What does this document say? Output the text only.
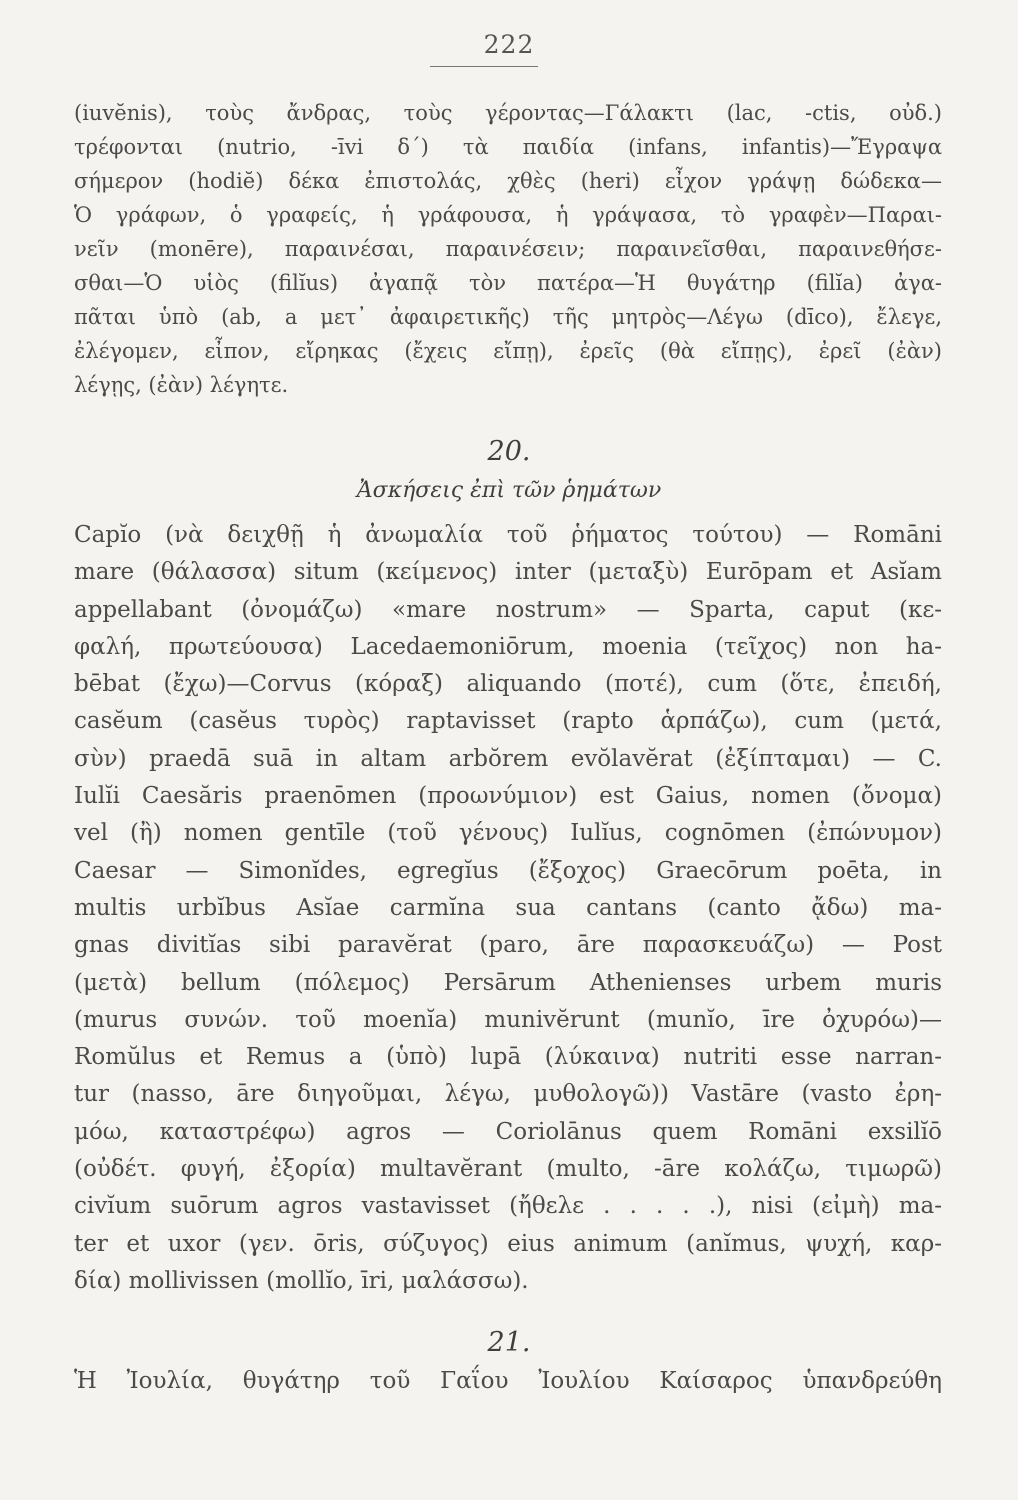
222
(iuvĕnis), τοὺς ἄνδρας, τοὺς γέροντας—Γάλακτι (lac, -ctis, οὐδ.)
τρέφονται (nutrio, -īvi δ΄) τὰ παιδία (infans, infantis)—Ἔγραψα
σήμερον (hodiĕ) δέκα ἐπιστολάς, χθὲς (heri) εἶχον γράψῃ δώδεκα—
Ὁ γράφων, ὁ γραφείς, ἡ γράφουσα, ἡ γράψασα, τὸ γραφὲν—Παραι-
νεῖν (monēre), παραινέσαι, παραινέσειν; παραινεῖσθαι, παραινεθήσε-
σθαι—Ὁ υἱὸς (filĭus) ἀγαπᾷ τὸν πατέρα—Ἡ θυγάτηρ (filĭa) ἀγα-
πᾶται ὑπὸ (ab, a μετ᾽ ἀφαιρετικῆς) τῆς μητρὸς—Λέγω (dīco), ἔλεγε,
ἐλέγομεν, εἶπον, εἴρηκας (ἔχεις εἴπῃ), ἐρεῖς (θὰ εἴπῃς), ἐρεῖ (ἐὰν)
λέγῃς, (ἐὰν) λέγητε.
20.
Ἀσκήσεις ἐπὶ τῶν ῥημάτων
Capĭo (νὰ δειχθῇ ἡ ἀνωμαλία τοῦ ῥήματος τούτου) — Romāni
mare (θάλασσα) situm (κείμενος) inter (μεταξὺ) Eurōpam et Asĭam
appellabant (ὀνομάζω) «mare nostrum» — Sparta, caput (κε-
φαλή, πρωτεύουσα) Lacedaemoniōrum, moenia (τεῖχος) non ha-
bēbat (ἔχω)—Corvus (κόραξ) aliquando (ποτέ), cum (ὅτε, ἐπειδή,
casĕum (casĕus τυρὸς) raptavisset (rapto ἁρπάζω), cum (μετά,
σὺν) praedā suā in altam arbŏrem evŏlavĕrat (ἐξίπταμαι) — C.
Iulĭi Caesăris praenōmen (προωνύμιον) est Gaius, nomen (ὄνομα)
vel (ἢ) nomen gentīle (τοῦ γένους) Iulĭus, cognōmen (ἐπώνυμον)
Caesar — Simonĭdes, egregĭus (ἔξοχος) Graecōrum poēta, in
multis urbĭbus Asĭae carmĭna sua cantans (canto ᾄδω) ma-
gnas divitĭas sibi paravĕrat (paro, āre παρασκευάζω) — Post
(μετὰ) bellum (πόλεμος) Persārum Athenienses urbem muris
(murus συνών. τοῦ moenĭa) munivĕrunt (munĭo, īre ὀχυρόω)—
Romŭlus et Remus a (ὑπὸ) lupā (λύκαινα) nutriti esse narran-
tur (nasso, āre διηγοῦμαι, λέγω, μυθολογῶ)) Vastāre (vasto ἐρη-
μόω, καταστρέφω) agros — Coriolānus quem Romāni exsilĭō
(οὐδέτ. φυγή, ἐξορία) multavĕrant (multo, -āre κολάζω, τιμωρῶ)
civĭum suōrum agros vastavisset (ἤθελε . . . . .), nisi (εἰμὴ) ma-
ter et uxor (γεν. ōris, σύζυγος) eius animum (anĭmus, ψυχή, καρ-
δία) mollivissen (mollĭo, īri, μαλάσσω).
21.
Ἡ Ἰουλία, θυγάτηρ τοῦ Γαΐου Ἰουλίου Καίσαρος ὑπανδρεύθη
